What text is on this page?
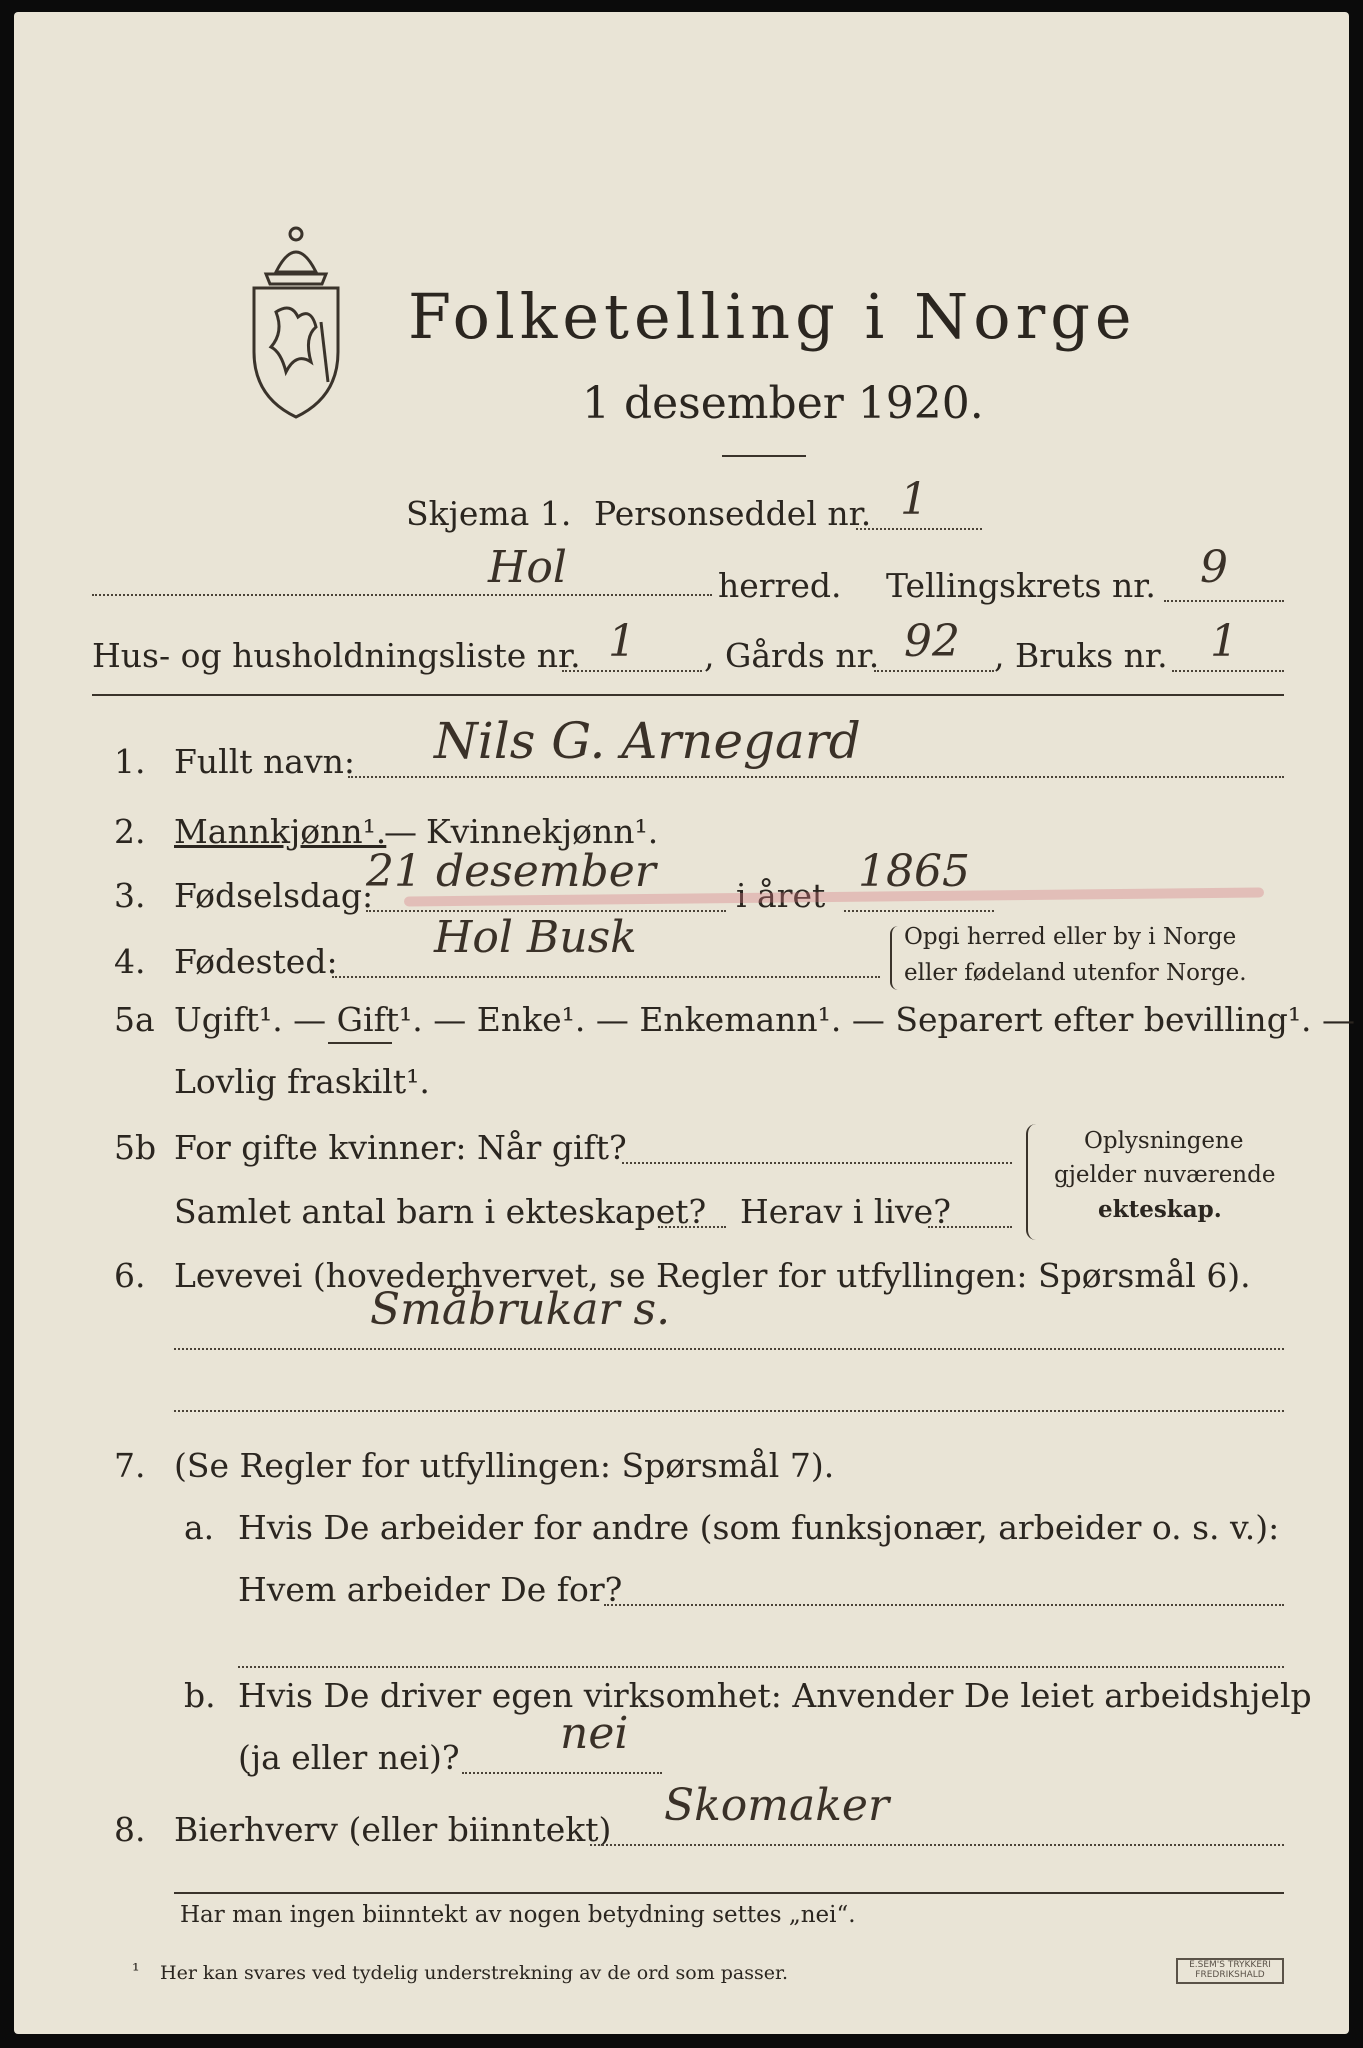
Folketelling i Norge
1 desember 1920.
Skjema 1. Personseddel nr. 1
Hol	herred. Tellingskrets nr. 9
Hus- og husholdningsliste nr. 1 , Gårds nr. 92 , Bruks nr. 1
1. Fullt navn: Nils G. Arnegard
2. Mannkjønn¹.
— Kvinnekjønn¹.
3. Fødselsdag:
21 desember i året 1865
4. Fødested: Hol Busk	Opgi herred eller by i Norge
eller fødeland utenfor Norge.
5a Ugift¹. — Gift¹. — Enke¹. — Enkemann¹. — Separert efter bevilling¹. —
Lovlig fraskilt¹.
5b For gifte kvinner: Når gift?
Samlet antal barn i ekteskapet? Herav i live?
Oplysningene
gjelder nuværende
ekteskap.
6. Levevei (hovederhvervet, se Regler for utfyllingen: Spørsmål 6).
Småbrukar s.
7. (Se Regler for utfyllingen: Spørsmål 7).
a. Hvis De arbeider for andre (som funksjonær, arbeider o. s. v.):
Hvem arbeider De for?
b. Hvis De driver egen virksomhet: Anvender De leiet arbeidshjelp
(ja eller nei)? nei
8. Bierhverv (eller biinntekt) Skomaker
Har man ingen biinntekt av nogen betydning settes „nei“.
¹ Her kan svares ved tydelig understrekning av de ord som passer.	E.SEM'S TRYKKERI FREDRIKSHALD
